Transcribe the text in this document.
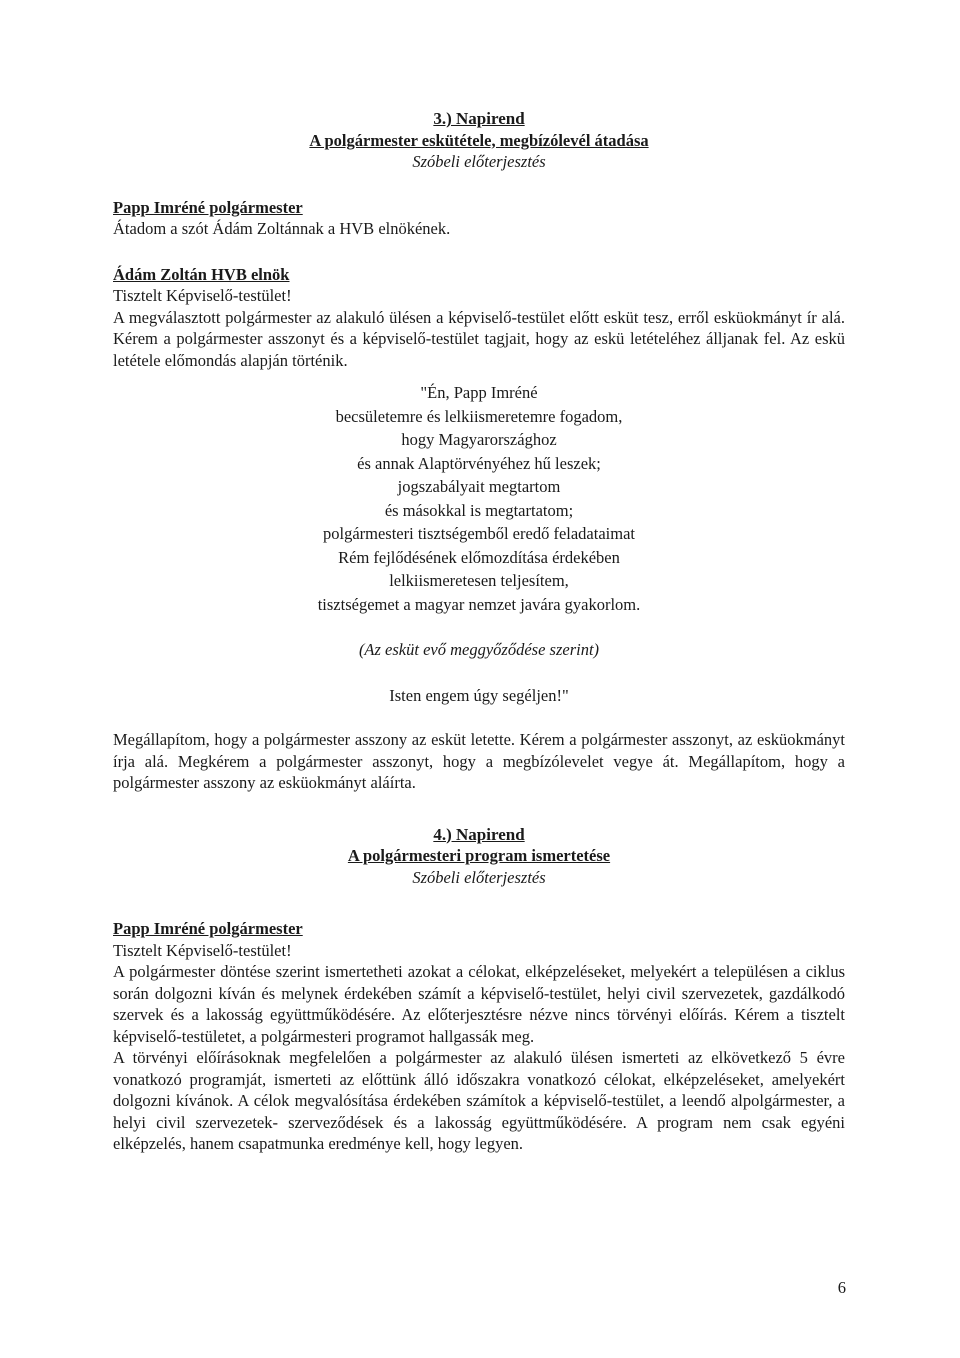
3.) Napirend
A polgármester eskütétele, megbízólevél átadása
Szóbeli előterjesztés
Papp Imréné polgármester

Átadom a szót Ádám Zoltánnak a HVB elnökének.

Ádám Zoltán HVB elnök
Tisztelt Képviselő-testület!

A megválasztott polgármester az alakuló ülésen a képviselő-testület előtt esküt tesz, erről esküokmányt ír alá. Kérem a polgármester asszonyt és a képviselő-testület tagjait, hogy az eskü letételéhez álljanak fel. Az eskü letétele előmondás alapján történik.

"Én, Papp Imréné
becsületemre és lelkiismeretemre fogadom,
hogy Magyarországhoz
és annak Alaptörvényéhez hű leszek;
jogszabályait megtartom
és másokkal is megtartatom;
polgármesteri tisztségemből eredő feladataimat
Rém fejlődésének előmozdítása érdekében
lelkiismeretesen teljesítem,
tisztségemet a magyar nemzet javára gyakorlom.
(Az esküt evő meggyőződése szerint)
Isten engem úgy segéljen!"

Megállapítom, hogy a polgármester asszony az esküt letette. Kérem a polgármester asszonyt, az esküokmányt írja alá. Megkérem a polgármester asszonyt, hogy a megbízólevelet vegye át. Megállapítom, hogy a polgármester asszony az esküokmányt aláírta.

4.) Napirend
A polgármesteri program ismertetése
Szóbeli előterjesztés
Papp Imréné polgármester
Tisztelt Képviselő-testület!

A polgármester döntése szerint ismertetheti azokat a célokat, elképzeléseket, melyekért a településen a ciklus során dolgozni kíván és melynek érdekében számít a képviselő-testület, helyi civil szervezetek, gazdálkodó szervek és a lakosság együttműködésére. Az előterjesztésre nézve nincs törvényi előírás. Kérem a tisztelt képviselő-testületet, a polgármesteri programot hallgassák meg.

A törvényi előírásoknak megfelelően a polgármester az alakuló ülésen ismerteti az elkövetkező 5 évre vonatkozó programját, ismerteti az előttünk álló időszakra vonatkozó célokat, elképzeléseket, amelyekért dolgozni kívánok. A célok megvalósítása érdekében számítok a képviselő-testület, a leendő alpolgármester, a helyi civil szervezetek- szerveződések és a lakosság együttműködésére. A program nem csak egyéni elképzelés, hanem csapatmunka eredménye kell, hogy legyen.

6
